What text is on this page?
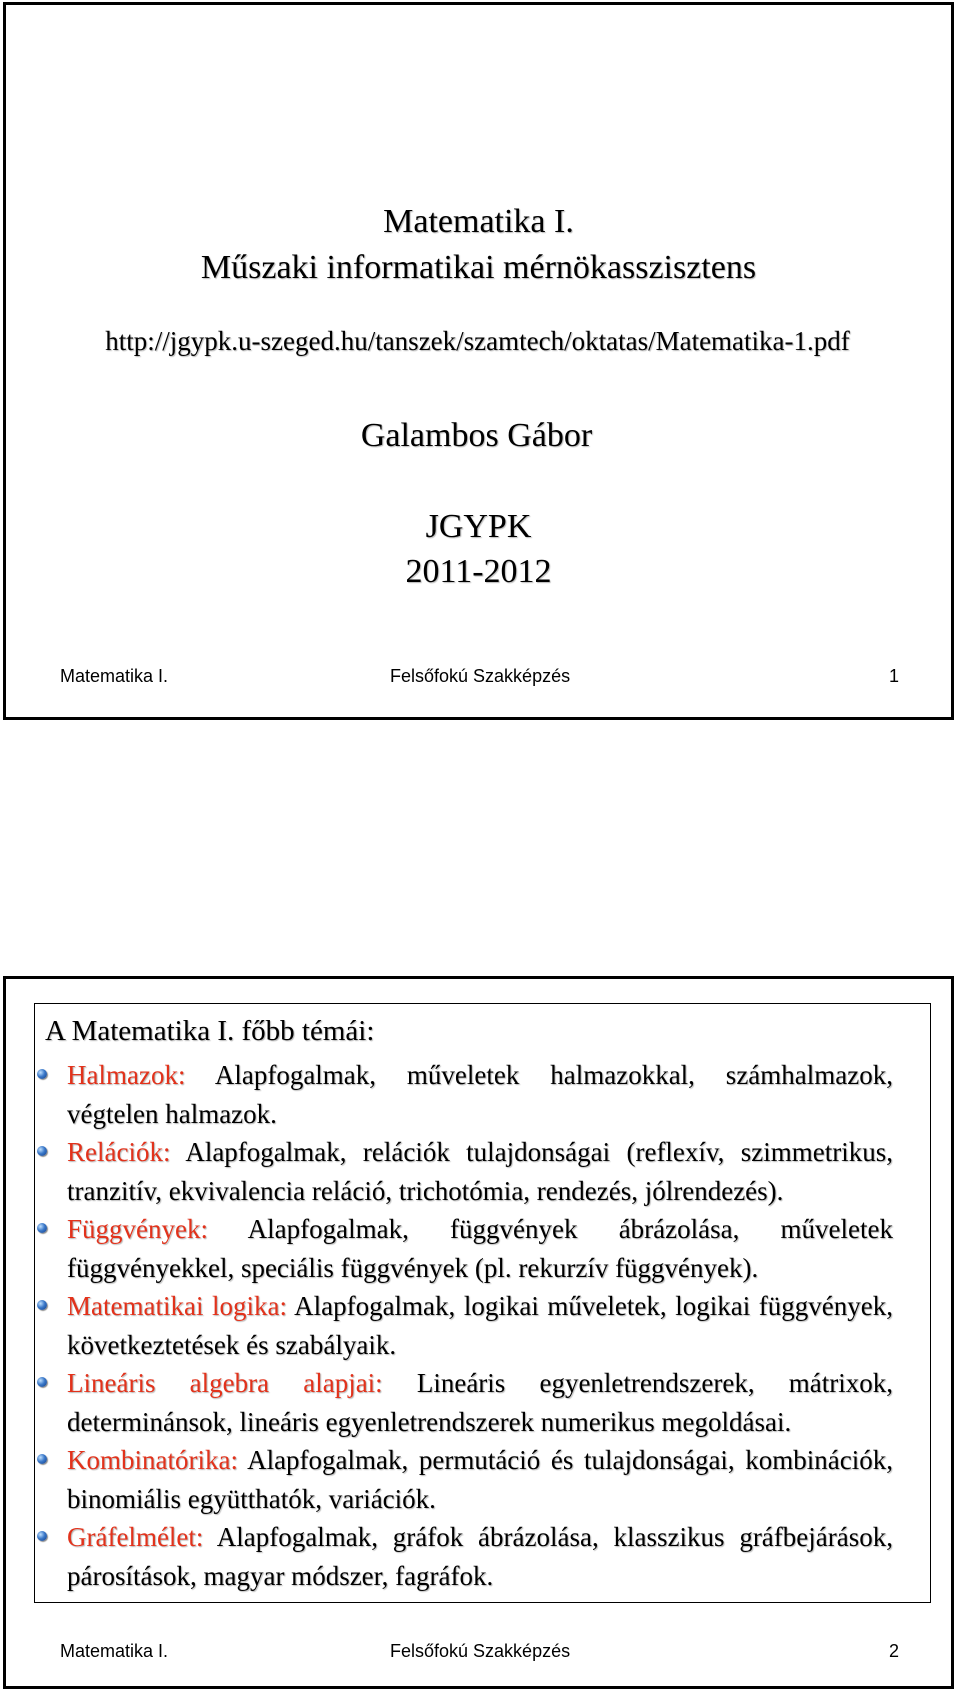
Matematika I.
Műszaki informatikai mérnökasszisztens
http://jgypk.u-szeged.hu/tanszek/szamtech/oktatas/Matematika-1.pdf
Galambos Gábor
JGYPK
2011-2012
Matematika I.	Felsőfokú Szakképzés	1
A Matematika I. főbb témái:
Halmazok: Alapfogalmak, műveletek halmazokkal, számhalmazok, végtelen halmazok.
Relációk: Alapfogalmak, relációk tulajdonságai (reflexív, szimmetrikus, tranzitív, ekvivalencia reláció, trichotómia, rendezés, jólrendezés).
Függvények: Alapfogalmak, függvények ábrázolása, műveletek függvényekkel, speciális függvények (pl. rekurzív függvények).
Matematikai logika: Alapfogalmak, logikai műveletek, logikai függvények, következtetések és szabályaik.
Lineáris algebra alapjai: Lineáris egyenletrendszerek, mátrixok, determinánsok, lineáris egyenletrendszerek numerikus megoldásai.
Kombinatórika: Alapfogalmak, permutáció és tulajdonságai, kombinációk, binomiális együtthatók, variációk.
Gráfelmélet: Alapfogalmak, gráfok ábrázolása, klasszikus gráfbejárások, párosítások, magyar módszer, fagráfok.
Matematika I.	Felsőfokú Szakképzés	2
